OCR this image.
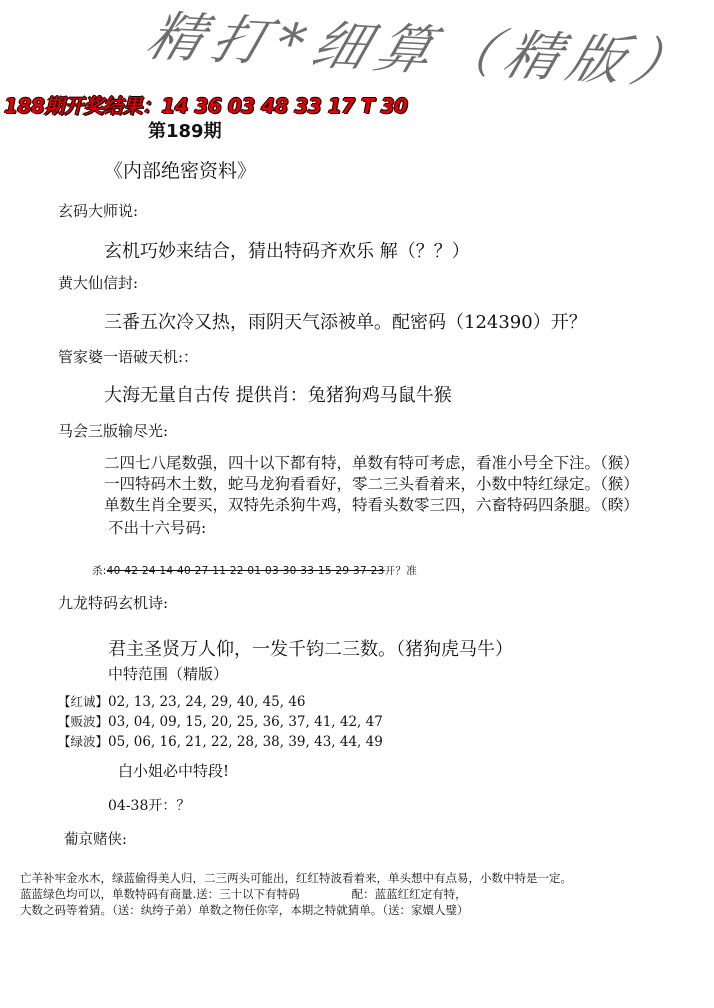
精打*细算（精版）
188期开奖结果：14 36 03 48 33 17 T 30
第189期
《内部绝密资料》
玄码大师说:
玄机巧妙来结合，猜出特码齐欢乐 解（？？）
黄大仙信封:
三番五次冷又热，雨阴天气添被单。配密码（124390）开？
管家婆一语破天机:：
大海无量自古传 提供肖：兔猪狗鸡马鼠牛猴
马会三版输尽光:
二四七八尾数强，四十以下都有特，单数有特可考虑，看准小号全下注。（猴）
一四特码木土数，蛇马龙狗看看好，零二三头看着来，小数中特红绿定。（猴）
单数生肖全要买，双特先杀狗牛鸡，特看头数零三四，六畜特码四条腿。（睽）
不出十六号码:
杀:40 42 24 14 40 27 11 22 01 03 30 33 15 29 37 23开？准
九龙特码玄机诗:
君主圣贤万人仰，一发千钧二三数。（猪狗虎马牛）
中特范围（精版）
【红诚】02, 13, 23, 24, 29, 40, 45, 46
【贩波】03, 04, 09, 15, 20, 25, 36, 37, 41, 42, 47
【绿波】05, 06, 16, 21, 22, 28, 38, 39, 43, 44, 49
白小姐必中特段!
04-38开：？
葡京赌侠:
亡羊补牢金水木，绿蓝偷得美人归，二三两头可能出，红红特波看着来，单头想中有点易，小数中特是一定。
蓝蓝绿色均可以，单数特码有商量.送：三十以下有特码	配：蓝蓝红红定有特，
大数之码等着猜。（送：纨绔子弟）单数之物任你宰，本期之特就猜单。（送：家嬛人璧）
